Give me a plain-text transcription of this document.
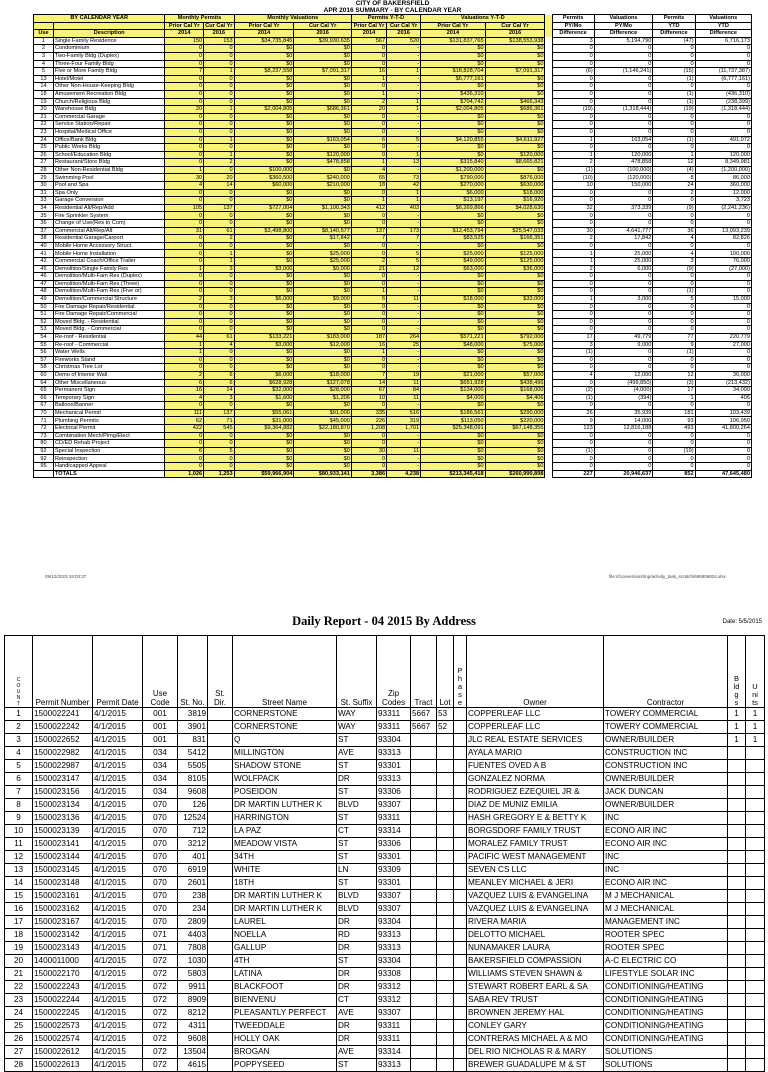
CITY OF BAKERSFIELD
APR 2016 SUMMARY - BY CALENDAR YEAR
BY CALENDAR YEAR		Monthly Permits		Monthly Valuations		Permits Y-T-D		Valuations Y-T-D			Permits	Valuations	Permits	Valuations
		Prior Cal Yr	Cur Cal Yr	Prior Cal Yr	Cur Cal Yr	Prior Cal Yr	Cur Cal Yr	Prior Cal Yr	Cur Cal Yr		PY/Mo	PY/Mo	YTD	YTD
Use	Description	2014	2016	2014	2016	2014	2016	2014	2016		Difference	Difference	Difference	Difference
1	Single Family Residence	150	153	$34,735,845	$39,930,635	567	520	$131,837,765	$138,553,938		3	5,194,790	(47)	6,716,173
2	Condominium	0	0	$0	$0	0	-	$0	$0		0	0	0	0
3	Two-Family Bldg (Duplex)	0	0	$0	$0	0	-	$0	$0		0	0	0	0
4	Three-Four Family Bldg	0	0	$0	$0	0	-	$0	$0		0	0	0	0
5	Five or More Family Bldg	7	1	$8,237,558	$7,091,317	16	1	$18,828,704	$7,091,317		(6)	(1,146,241)	(15)	(11,737,387)
13	Hotel/Motel	0	0	$0	$0	1	-	$6,777,161	$0		0	0	(1)	(6,777,161)
14	Other Non-House-Keeping Bldg	0	0	$0	$0	0	-	$0	$0		0	0	0	0
18	Amusement Recreation Bldg	0	0	$0	$0	1	-	$436,310	$0		0	0	(1)	(436,310)
19	Church/Religious Bldg	0	0	$0	$0	2	1	$704,742	$466,343		0	0	(1)	(238,399)
20	Warehouse Bldg	20	1	$2,004,805	$686,361	20	1	$2,004,805	$686,361		(19)	(1,318,444)	(19)	(1,318,444)
21	Commercial Garage	0	0	$0	$0	0	-	$0	$0		0	0	0	0
22	Service Station/Repair	0	0	$0	$0	0	-	$0	$0		0	0	0	0
23	Hospital/Medical Office	0	0	$0	$0	0	-	$0	$0		0	0	0	0
24	Office/Bank Bldg	0	1	$0	$163,054	6	5	$4,120,855	$4,611,927		1	163,054	(1)	491,072
25	Public Works Bldg	0	0	$0	$0	0	-	$0	$0		0	0	0	0
26	School/Education Bldg	0	1	$0	$120,000	0	1	$0	$120,000		1	120,000	1	120,000
27	Restaurant/Store Bldg	0	2	$0	$478,858	1	13	$315,840	$8,665,821		2	478,858	12	8,349,981
28	Other Non-Residential Bldg	1	0	$100,000	$0	4	-	$1,200,000	$0		(1)	(100,000)	(4)	(1,200,000)
29	Swimming Pool	30	20	$360,500	$240,000	65	73	$790,000	$876,000		(10)	(120,000)	8	86,000
30	Pool and Spa	4	14	$60,000	$210,000	18	42	$270,000	$630,000		10	150,000	24	360,000
31	Spa Only	0	0	$0	$0	0	1	$6,000	$18,000		0	0	2	12,000
33	Garage Conversion	0	0	$0	$0	1	1	$13,197	$16,920		0	0	0	3,723
34	Residential Alt/Rep/Add	105	137	$727,004	$1,100,343	412	403	$6,269,866	$4,028,630		32	373,339	(9)	(2,241,236)
35	Fire Sprinkler System	0	0	$0	$0	0	-	$0	$0		0	0	0	0
36	Change of Use(Res to Com)	0	0	$0	$0	0	-	$0	$0		0	0	0	0
37	Commercial Alt/Rep/Alt	31	61	$3,498,800	$8,140,577	137	173	$12,453,794	$25,547,033		30	4,641,777	36	13,093,239
38	Residential Garage/Carport	0	2	$0	$17,842	7	7	$83,525	$166,351		2	17,842	4	82,826
40	Mobile Home Accessory Struct.	0	0	$0	$0	0	-	$0	$0		0	0	0	0
41	Mobile Home Installation	0	1	$0	$25,000	0	5	$25,000	$125,000		1	25,000	4	100,000
42	Commercial Coach/Office Trailer	0	1	$0	$25,000	2	5	$49,000	$125,000		1	25,000	3	76,000
45	Demolition/Single Family Res	1	3	$3,000	$9,000	21	12	$63,000	$36,000		2	6,000	(9)	(27,000)
46	Demolition/Multi-Fam Res (Duplex)	0	0	$0	$0	0	-	$0	$0		0	0	0	0
47	Demolition/Multi-Fam Res (Three)	0	0	$0	$0	0	-	$0	$0		0	0	0	0
48	Demolition/Multi-Fam Res (Five or)	0	0	$0	$0	1	-	$0	$0		0	0	(1)	0
49	Demolition/Commercial Structure	2	3	$6,000	$9,000	6	11	$18,000	$33,000		1	3,000	5	15,000
50	Fire Damage Repair/Residential	0	0	$0	$0	0	-	$0	$0		0	0	0	0
51	Fire Damage Repair/Commercial	0	0	$0	$0	0	-	$0	$0		0	0	0	0
52	Moved Bldg. - Residential	0	0	$0	$0	0	-	$0	$0		0	0	0	0
53	Moved Bldg. - Commercial	0	0	$0	$0	0	-	$0	$0		0	0	0	0
54	Re-roof - Residential	44	61	$133,221	$183,000	187	264	$571,221	$792,000		17	49,779	77	220,779
55	Re-roof - Commercial	1	4	$3,000	$12,000	16	25	$48,000	$75,000		3	9,000	9	27,000
56	Water Wells	1	0	$0	$0	1	-	$0	$0		(1)	0	(1)	0
57	Fireworks Stand	0	0	$0	$0	0	-	$0	$0		0	0	0	0
58	Christmas Tree Lot	0	0	$0	$0	0	-	$0	$0		0	0	0	0
60	Demo of Interior Wall	2	6	$6,000	$18,000	7	19	$21,000	$57,000		4	12,000	12	36,000
64	Other Miscellaneous	6	6	$628,928	$127,078	14	11	$651,928	$438,496		0	(499,850)	(3)	(213,432)
65	Permanent Sign	16	14	$32,000	$28,000	67	84	$134,000	$168,000		(2)	(4,000)	17	34,000
66	Temporary Sign	4	3	$1,600	$1,206	10	11	$4,000	$4,406		(1)	(394)	1	406
67	Balloon/Banner	0	0	$0	$0	0	-	$0	$0		0	0	0	0
70	Mechanical Permit	111	137	$55,061	$91,000	335	516	$186,561	$290,000		26	35,939	181	103,439
71	Plumbing Permits	62	71	$31,000	$45,000	226	319	$113,050	$220,000		9	14,000	93	106,950
72	Electrical Permit	422	545	$9,364,882	$22,180,870	1,208	1,701	$25,348,091	$67,148,355		123	12,816,188	493	41,800,264
73	Combination Mech/Plmg/Elect	0	0	$0	$0	0	-	$0	$0		0	0	0	0
80	CD/ED Rehab Project	0	0	$0	$0	0	-	$0	$0		0	0	0	0
92	Special Inspection	6	5	$0	$0	30	11	$0	$0		(1)	0	(19)	0
92	Reinspection	0	0	$0	$0	0	-	$0	$0		0	0	0	0
95	Handicapped Appeal	0	0	$0	$0	0	-	$0	$0		0	0	0	0
	TOTALS	1,026	1,253	$59,966,904	$80,933,141	3,386	4,238	$213,345,418	$260,990,898		227	20,946,637	852	47,645,480
09/12/2023 19:03:37	file:///conversion/tmp/activity_task_scratch/696906824.xlsx
Daily Report - 04 2015 By Address	Date: 5/5/2015
COUNT	Permit Number	Permit Date	Use Code	St. No.	St. Dir.	Street Name	St. Suffix	Zip Codes	Tract	Lot	Phase	Owner	Contractor	Bldgs	Units
1	1500022241	4/1/2015	001	3819		CORNERSTONE	WAY	93311	5667	53		COPPERLEAF LLC	TOWERY COMMERCIAL	1	1
2	1500022242	4/1/2015	001	3901		CORNERSTONE	WAY	93311	5667	52		COPPERLEAF LLC	TOWERY COMMERCIAL	1	1
3	1500022652	4/1/2015	001	831		Q	ST	93304				JLC REAL ESTATE SERVICES	OWNER/BUILDER	1	1
4	1500022982	4/1/2015	034	5412		MILLINGTON	AVE	93313				AYALA MARIO	CONSTRUCTION INC		
5	1500022987	4/1/2015	034	5505		SHADOW STONE	ST	93301				FUENTES OVED A B	CONSTRUCTION INC		
6	1500023147	4/1/2015	034	8105		WOLFPACK	DR	93313				GONZALEZ NORMA	OWNER/BUILDER		
7	1500023156	4/1/2015	034	9608		POSEIDON	ST	93306				RODRIGUEZ EZEQUIEL JR &	JACK DUNCAN		
8	1500023134	4/1/2015	070	126		DR MARTIN LUTHER K	BLVD	93307				DIAZ DE MUNIZ EMILIA	OWNER/BUILDER		
9	1500023136	4/1/2015	070	12524		HARRINGTON	ST	93311				HASH GREGORY E & BETTY K	INC		
10	1500023139	4/1/2015	070	712		LA PAZ	CT	93314				BORGSDORF FAMILY TRUST	ECONO AIR INC		
11	1500023141	4/1/2015	070	3212		MEADOW VISTA	ST	93306				MORALEZ FAMILY TRUST	ECONO AIR INC		
12	1500023144	4/1/2015	070	401		34TH	ST	93301				PACIFIC WEST MANAGEMENT	INC		
13	1500023145	4/1/2015	070	6919		WHITE	LN	93309				SEVEN CS LLC	INC		
14	1500023148	4/1/2015	070	2601		18TH	ST	93301				MEANLEY MICHAEL & JERI	ECONO AIR INC		
15	1500023161	4/1/2015	070	238		DR MARTIN LUTHER K	BLVD	93307				VAZQUEZ LUIS & EVANGELINA	M J MECHANICAL		
16	1500023162	4/1/2015	070	234		DR MARTIN LUTHER K	BLVD	93307				VAZQUEZ LUIS & EVANGELINA	M J MECHANICAL		
17	1500023167	4/1/2015	070	2809		LAUREL	DR	93304				RIVERA MARIA	MANAGEMENT INC		
18	1500023142	4/1/2015	071	4403		NOELLA	RD	93313				DELOTTO MICHAEL	ROOTER SPEC		
19	1500023143	4/1/2015	071	7808		GALLUP	DR	93313				NUNAMAKER LAURA	ROOTER SPEC		
20	1400011000	4/1/2015	072	1030		4TH	ST	93304				BAKERSFIELD COMPASSION	A-C ELECTRIC CO		
21	1500022170	4/1/2015	072	5803		LATINA	DR	93308				WILLIAMS STEVEN SHAWN &	LIFESTYLE SOLAR INC		
22	1500022243	4/1/2015	072	9911		BLACKFOOT	DR	93312				STEWART ROBERT EARL & SA	CONDITIONING/HEATING		
23	1500022244	4/1/2015	072	8909		BIENVENU	CT	93312				SABA REV TRUST	CONDITIONING/HEATING		
24	1500022245	4/1/2015	072	8212		PLEASANTLY PERFECT	AVE	93307				BROWNEN JEREMY HAL	CONDITIONING/HEATING		
25	1500022573	4/1/2015	072	4311		TWEEDDALE	DR	93311				CONLEY GARY	CONDITIONING/HEATING		
26	1500022574	4/1/2015	072	9608		HOLLY OAK	DR	93311				CONTRERAS MICHAEL A & MO	CONDITIONING/HEATING		
27	1500022612	4/1/2015	072	13504		BROGAN	AVE	93314				DEL RIO NICHOLAS R & MARY	SOLUTIONS		
28	1500022613	4/1/2015	072	4615		POPPYSEED	ST	93313				BREWER GUADALUPE M & ST	SOLUTIONS		
